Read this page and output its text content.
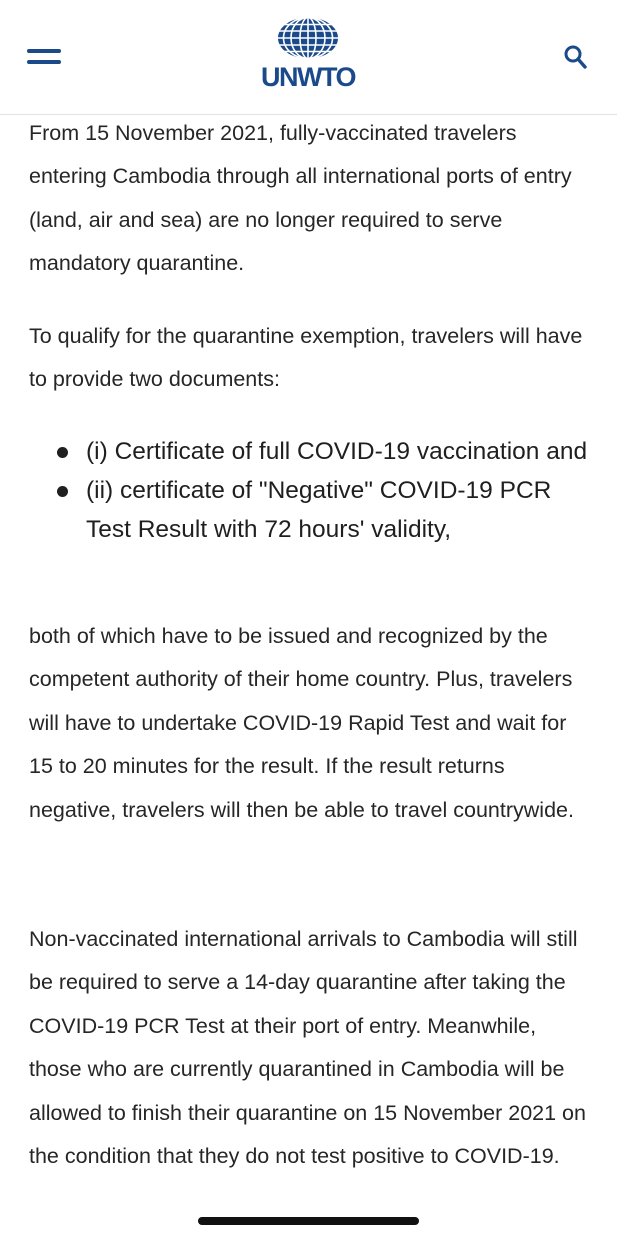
UNWTO

From 15 November 2021, fully-vaccinated travelers entering Cambodia through all international ports of entry (land, air and sea) are no longer required to serve mandatory quarantine.

To qualify for the quarantine exemption, travelers will have to provide two documents:

(i) Certificate of full COVID-19 vaccination and
(ii) certificate of "Negative" COVID-19 PCR Test Result with 72 hours' validity,

both of which have to be issued and recognized by the competent authority of their home country. Plus, travelers will have to undertake COVID-19 Rapid Test and wait for 15 to 20 minutes for the result. If the result returns negative, travelers will then be able to travel countrywide.

Non-vaccinated international arrivals to Cambodia will still be required to serve a 14-day quarantine after taking the COVID-19 PCR Test at their port of entry. Meanwhile, those who are currently quarantined in Cambodia will be allowed to finish their quarantine on 15 November 2021 on the condition that they do not test positive to COVID-19.
